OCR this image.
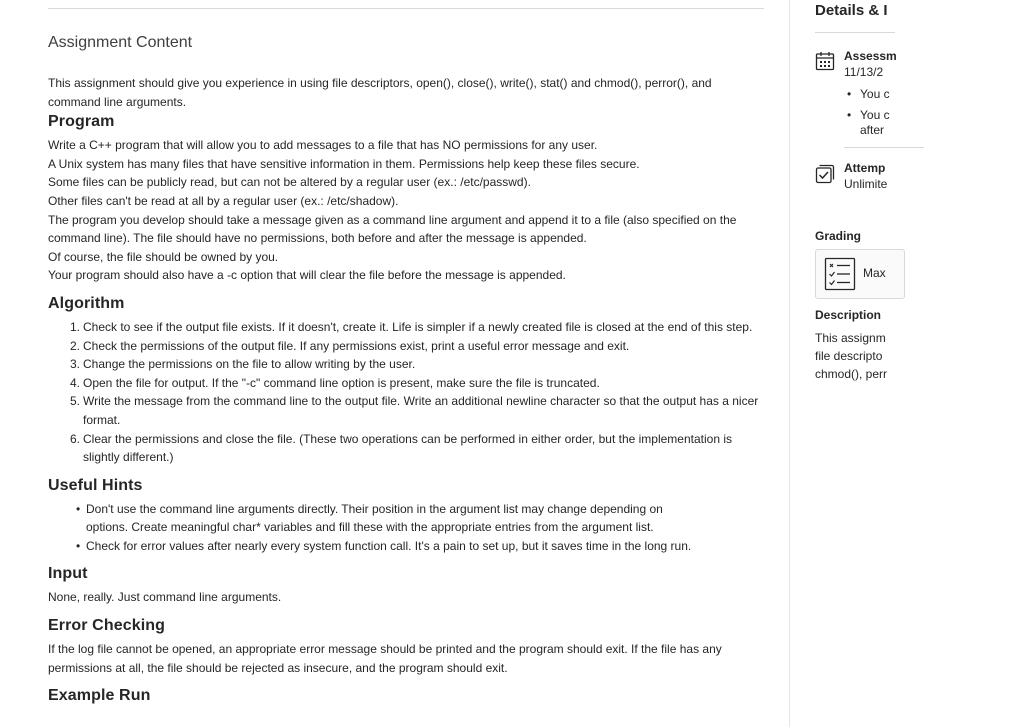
Assignment Content

This assignment should give you experience in using file descriptors, open(), close(), write(), stat() and chmod(), perror(), and command line arguments.

Program

Write a C++ program that will allow you to add messages to a file that has NO permissions for any user.

A Unix system has many files that have sensitive information in them. Permissions help keep these files secure.

Some files can be publicly read, but can not be altered by a regular user (ex.: /etc/passwd).

Other files can't be read at all by a regular user (ex.: /etc/shadow).

The program you develop should take a message given as a command line argument and append it to a file (also specified on the command line). The file should have no permissions, both before and after the message is appended.

Of course, the file should be owned by you.

Your program should also have a -c option that will clear the file before the message is appended.

Algorithm
1. Check to see if the output file exists. If it doesn't, create it. Life is simpler if a newly created file is closed at the end of this step.
2. Check the permissions of the output file. If any permissions exist, print a useful error message and exit.
3. Change the permissions on the file to allow writing by the user.
4. Open the file for output. If the "-c" command line option is present, make sure the file is truncated.
5. Write the message from the command line to the output file. Write an additional newline character so that the output has a nicer format.
6. Clear the permissions and close the file. (These two operations can be performed in either order, but the implementation is slightly different.)
Useful Hints
• Don't use the command line arguments directly. Their position in the argument list may change depending on options. Create meaningful char* variables and fill these with the appropriate entries from the argument list.
• Check for error values after nearly every system function call. It's a pain to set up, but it saves time in the long run.
Input

None, really. Just command line arguments.

Error Checking

If the log file cannot be opened, an appropriate error message should be printed and the program should exit. If the file has any permissions at all, the file should be rejected as insecure, and the program should exit.

Example Run
Details & I
Assessm
11/13/2
• You c
• You c
after
Attemp
Unlimite
Grading
Max
Description
This assignm
file descripto
chmod(), perr
